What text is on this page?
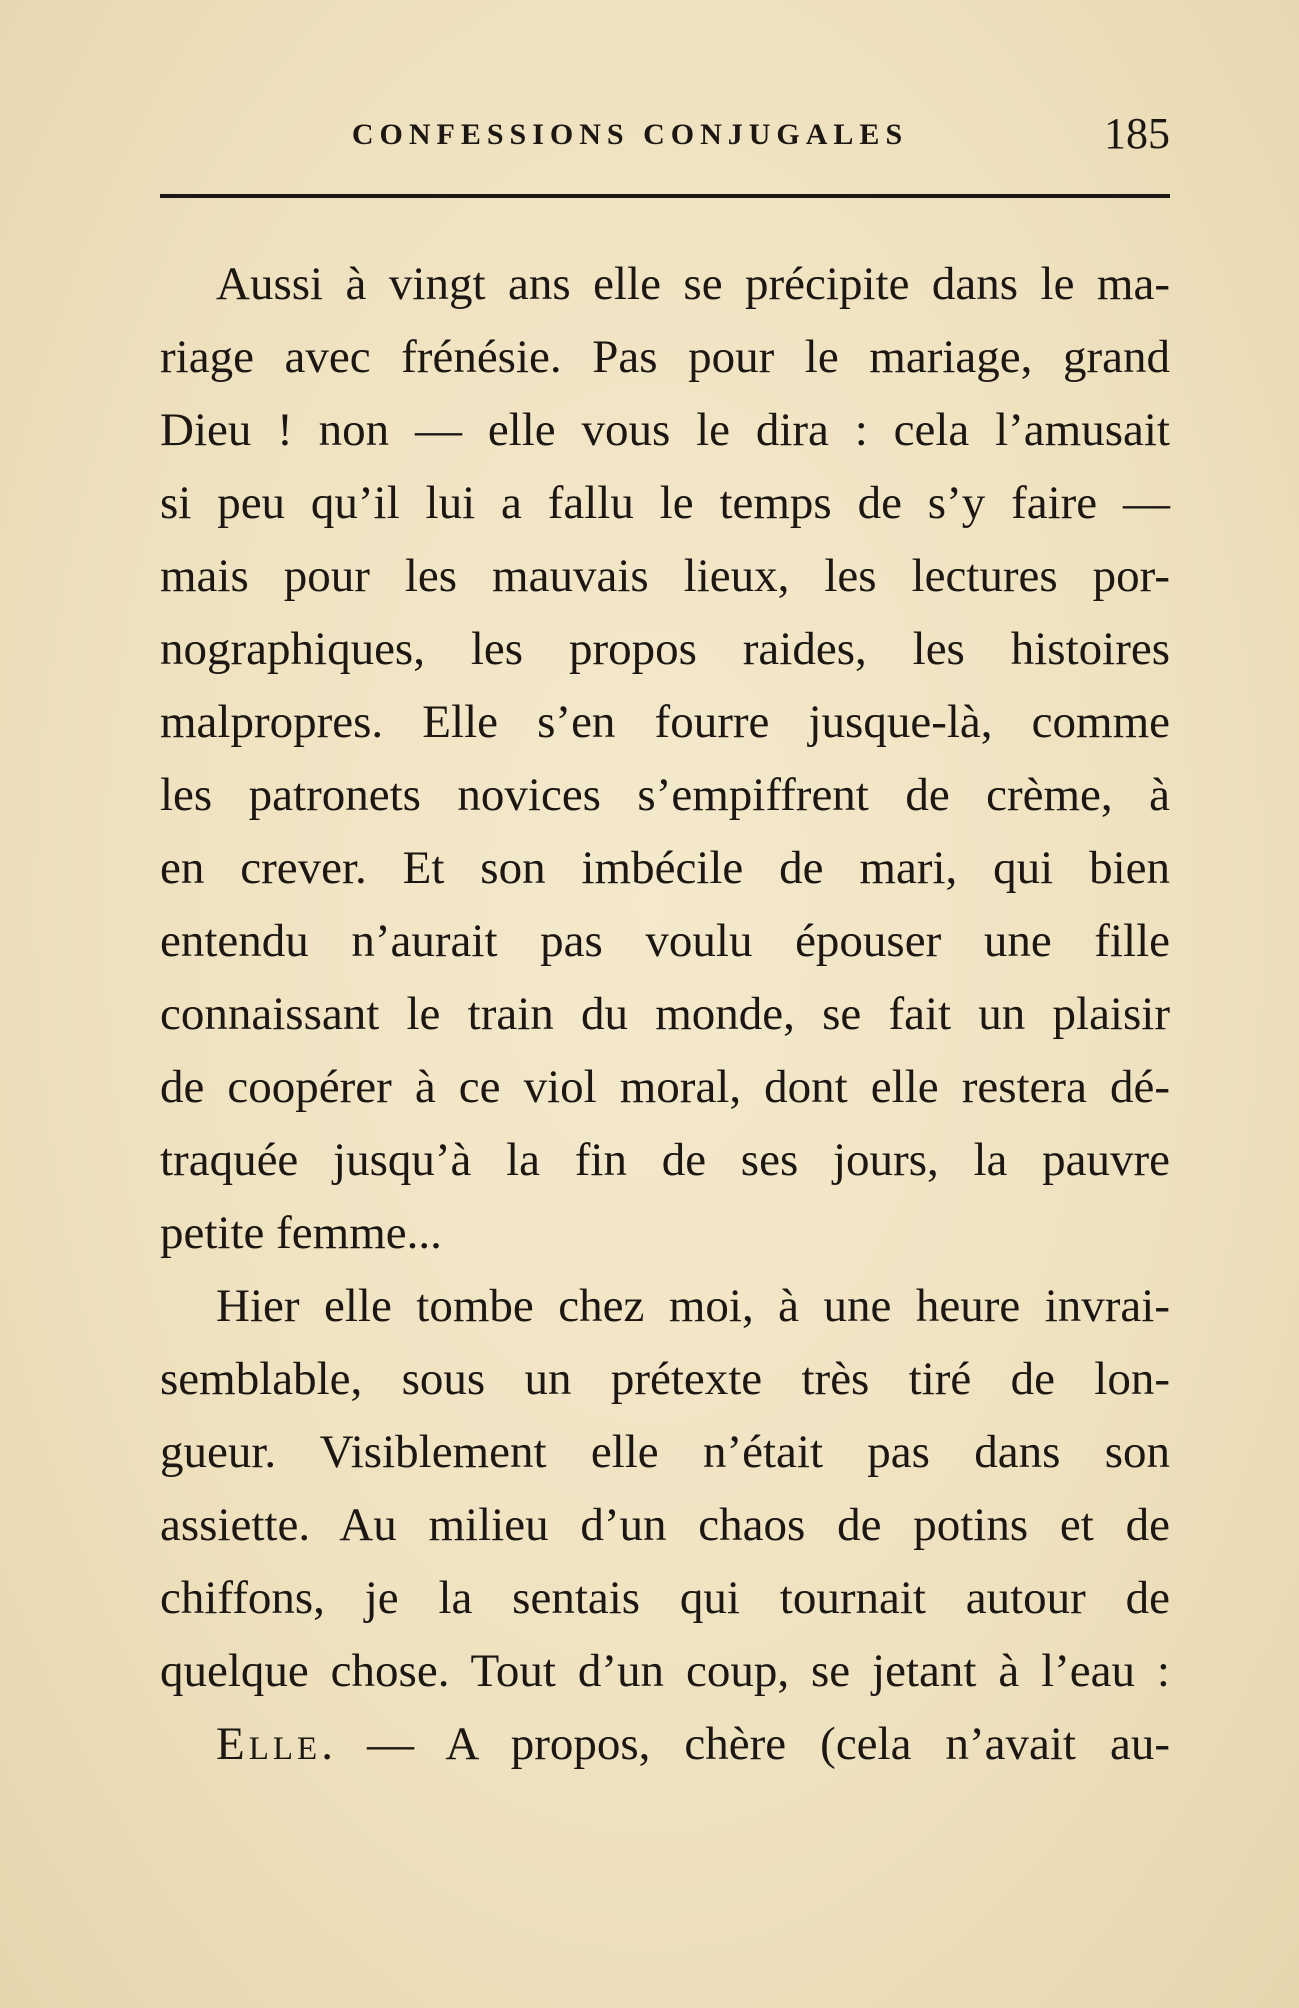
CONFESSIONS CONJUGALES	185
Aussi à vingt ans elle se précipite dans le ma-
riage avec frénésie. Pas pour le mariage, grand
Dieu ! non — elle vous le dira : cela l’amusait
si peu qu’il lui a fallu le temps de s’y faire —
mais pour les mauvais lieux, les lectures por-
nographiques, les propos raides, les histoires
malpropres. Elle s’en fourre jusque-là, comme
les patronets novices s’empiffrent de crème, à
en crever. Et son imbécile de mari, qui bien
entendu n’aurait pas voulu épouser une fille
connaissant le train du monde, se fait un plaisir
de coopérer à ce viol moral, dont elle restera dé-
traquée jusqu’à la fin de ses jours, la pauvre
petite femme...
Hier elle tombe chez moi, à une heure invrai-
semblable, sous un prétexte très tiré de lon-
gueur. Visiblement elle n’était pas dans son
assiette. Au milieu d’un chaos de potins et de
chiffons, je la sentais qui tournait autour de
quelque chose. Tout d’un coup, se jetant à l’eau :
Elle. — A propos, chère (cela n’avait au-
